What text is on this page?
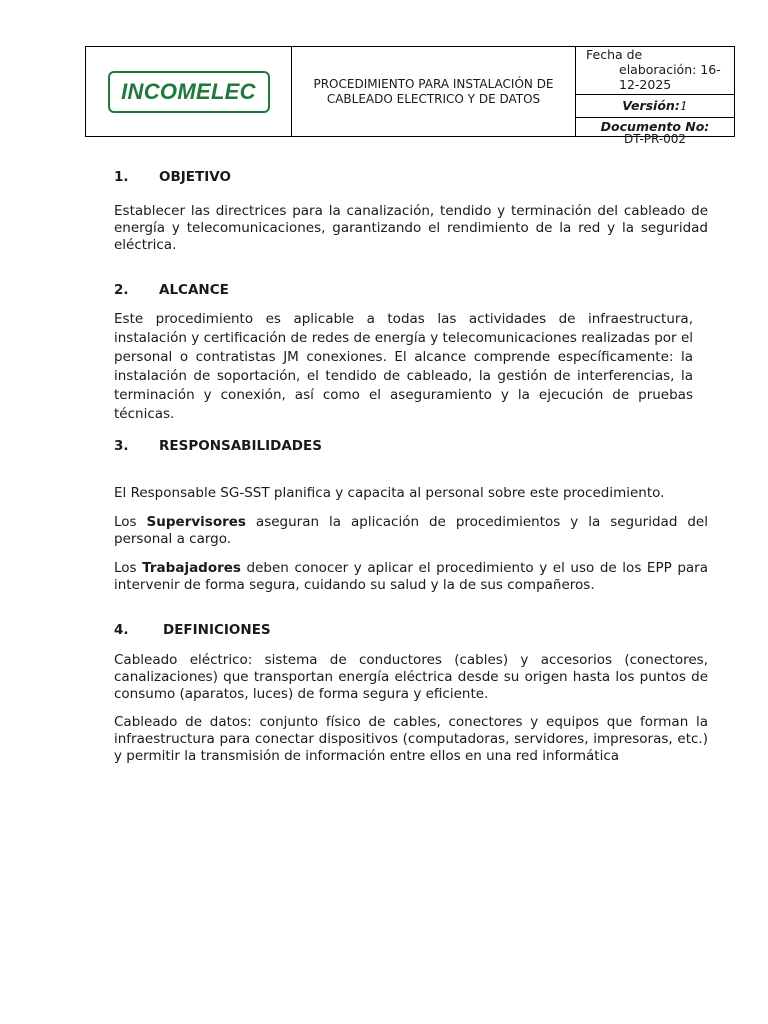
INCOMELEC	PROCEDIMIENTO PARA INSTALACIÓN DE CABLEADO ELECTRICO Y DE DATOS
Fecha de
elaboración: 16-
12-2025
Versión:1
Documento No:
DT-PR-002
1. OBJETIVO

Establecer las directrices para la canalización, tendido y terminación del cableado de energía y telecomunicaciones, garantizando el rendimiento de la red y la seguridad eléctrica.

2. ALCANCE

Este procedimiento es aplicable a todas las actividades de infraestructura, instalación y certificación de redes de energía y telecomunicaciones realizadas por el personal o contratistas JM conexiones. El alcance comprende específicamente: la instalación de soportación, el tendido de cableado, la gestión de interferencias, la terminación y conexión, así como el aseguramiento y la ejecución de pruebas técnicas.

3. RESPONSABILIDADES

El Responsable SG-SST planifica y capacita al personal sobre este procedimiento.

Los Supervisores aseguran la aplicación de procedimientos y la seguridad del personal a cargo.

Los Trabajadores deben conocer y aplicar el procedimiento y el uso de los EPP para intervenir de forma segura, cuidando su salud y la de sus compañeros.

4.	DEFINICIONES

Cableado eléctrico: sistema de conductores (cables) y accesorios (conectores, canalizaciones) que transportan energía eléctrica desde su origen hasta los puntos de consumo (aparatos, luces) de forma segura y eficiente.

Cableado de datos: conjunto físico de cables, conectores y equipos que forman la infraestructura para conectar dispositivos (computadoras, servidores, impresoras, etc.) y permitir la transmisión de información entre ellos en una red informática
